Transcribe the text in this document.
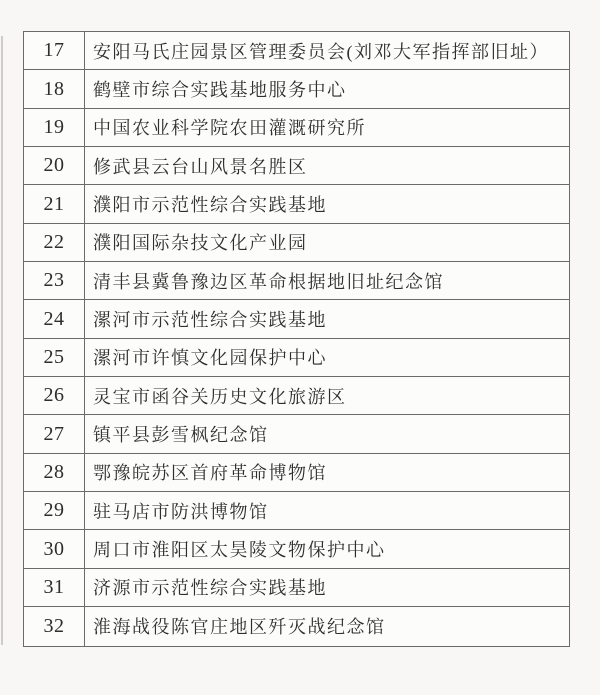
17	安阳马氏庄园景区管理委员会(刘邓大军指挥部旧址）
18	鹤壁市综合实践基地服务中心
19	中国农业科学院农田灌溉研究所
20	修武县云台山风景名胜区
21	濮阳市示范性综合实践基地
22	濮阳国际杂技文化产业园
23	清丰县冀鲁豫边区革命根据地旧址纪念馆
24	漯河市示范性综合实践基地
25	漯河市许慎文化园保护中心
26	灵宝市函谷关历史文化旅游区
27	镇平县彭雪枫纪念馆
28	鄂豫皖苏区首府革命博物馆
29	驻马店市防洪博物馆
30	周口市淮阳区太昊陵文物保护中心
31	济源市示范性综合实践基地
32	淮海战役陈官庄地区歼灭战纪念馆
